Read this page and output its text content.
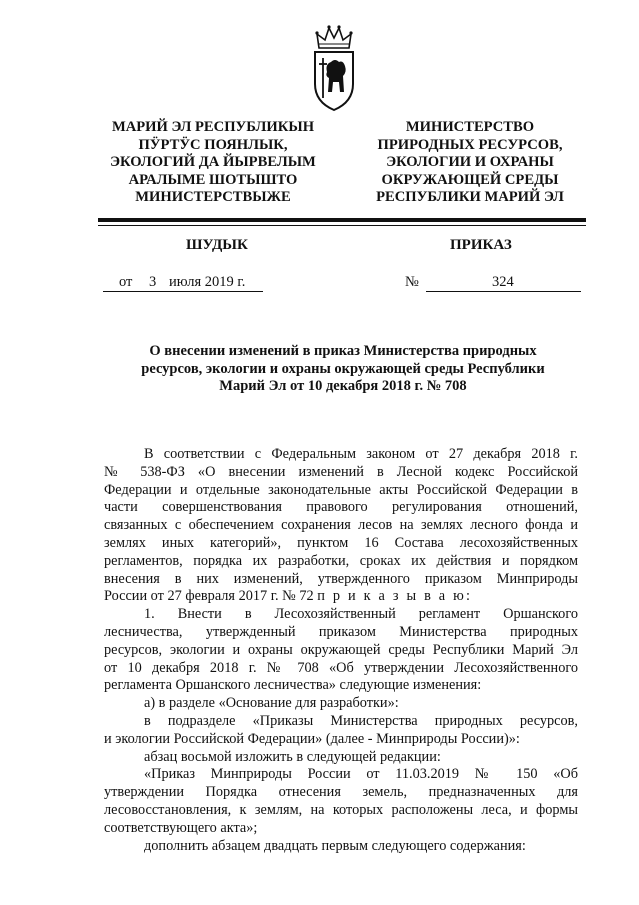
МАРИЙ ЭЛ РЕСПУБЛИКЫН
ПӰРТӰС ПОЯНЛЫК,
ЭКОЛОГИЙ ДА ЙЫРВЕЛЫМ
АРАЛЫМЕ ШОТЫШТО
МИНИСТЕРСТВЫЖЕ
МИНИСТЕРСТВО
ПРИРОДНЫХ РЕСУРСОВ,
ЭКОЛОГИИ И ОХРАНЫ
ОКРУЖАЮЩЕЙ СРЕДЫ
РЕСПУБЛИКИ МАРИЙ ЭЛ
ШУДЫК	ПРИКАЗ
от 3 июля 2019 г.	№	324
О внесении изменений в приказ Министерства природных
ресурсов, экологии и охраны окружающей среды Республики
Марий Эл от 10 декабря 2018 г. № 708
В соответствии с Федеральным законом от 27 декабря 2018 г.
№ 538-ФЗ «О внесении изменений в Лесной кодекс Российской
Федерации и отдельные законодательные акты Российской Федерации в
части совершенствования правового регулирования отношений,
связанных с обеспечением сохранения лесов на землях лесного фонда и
землях иных категорий», пунктом 16 Состава лесохозяйственных
регламентов, порядка их разработки, сроках их действия и порядком
внесения в них изменений, утвержденного приказом Минприроды
России от 27 февраля 2017 г. № 72 п р и к а з ы в а ю:
1. Внести в Лесохозяйственный регламент Оршанского
лесничества, утвержденный приказом Министерства природных
ресурсов, экологии и охраны окружающей среды Республики Марий Эл
от 10 декабря 2018 г. № 708 «Об утверждении Лесохозяйственного
регламента Оршанского лесничества» следующие изменения:
а) в разделе «Основание для разработки»:
в подразделе «Приказы Министерства природных ресурсов,
и экологии Российской Федерации» (далее - Минприроды России)»:
абзац восьмой изложить в следующей редакции:
«Приказ Минприроды России от 11.03.2019 № 150 «Об
утверждении Порядка отнесения земель, предназначенных для
лесовосстановления, к землям, на которых расположены леса, и формы
соответствующего акта»;
дополнить абзацем двадцать первым следующего содержания:
